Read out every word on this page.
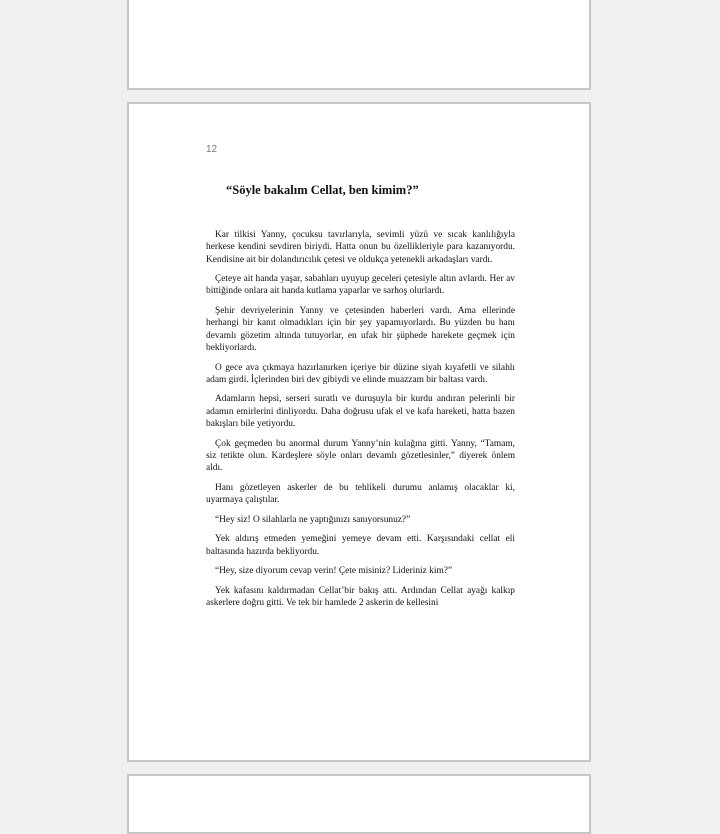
12
“Söyle bakalım Cellat, ben kimim?”

Kar tilkisi Yanny, çocuksu tavırlarıyla, sevimli yüzü ve sıcak kanlılığıyla herkese kendini sevdiren biriydi. Hatta onun bu özellikleriyle para kazanıyordu. Kendisine ait bir dolandırıcılık çetesi ve oldukça yetenekli arkadaşları vardı.

Çeteye ait handa yaşar, sabahları uyuyup geceleri çetesiyle altın avlardı. Her av bittiğinde onlara ait handa kutlama yaparlar ve sarhoş olurlardı.

Şehir devriyelerinin Yanny ve çetesinden haberleri vardı. Ama ellerinde herhangi bir kanıt olmadıkları için bir şey yapamıyorlardı. Bu yüzden bu hanı devamlı gözetim altında tutuyorlar, en ufak bir şüphede harekete geçmek için bekliyorlardı.

O gece ava çıkmaya hazırlanırken içeriye bir düzine siyah kıyafetli ve silahlı adam girdi. İçlerinden biri dev gibiydi ve elinde muazzam bir baltası vardı.

Adamların hepsi, serseri suratlı ve duruşuyla bir kurdu andıran pelerinli bir adamın emirlerini dinliyordu. Daha doğrusu ufak el ve kafa hareketi, hatta bazen bakışları bile yetiyordu.

Çok geçmeden bu anormal durum Yanny’nin kulağına gitti. Yanny, “Tamam, siz tetikte olun. Kardeşlere söyle onları devamlı gözetlesinler,” diyerek önlem aldı.

Hanı gözetleyen askerler de bu tehlikeli durumu anlamış olacaklar ki, uyarmaya çalıştılar.

“Hey siz! O silahlarla ne yaptığınızı sanıyorsunuz?”

Yek aldırış etmeden yemeğini yemeye devam etti. Karşısındaki cellat eli baltasında hazırda bekliyordu.

“Hey, size diyorum cevap verin! Çete misiniz? Lideriniz kim?”

Yek kafasını kaldırmadan Cellat’bir bakış attı. Ardından Cellat ayağı kalkıp askerlere doğru gitti. Ve tek bir hamlede 2 askerin de kellesini
